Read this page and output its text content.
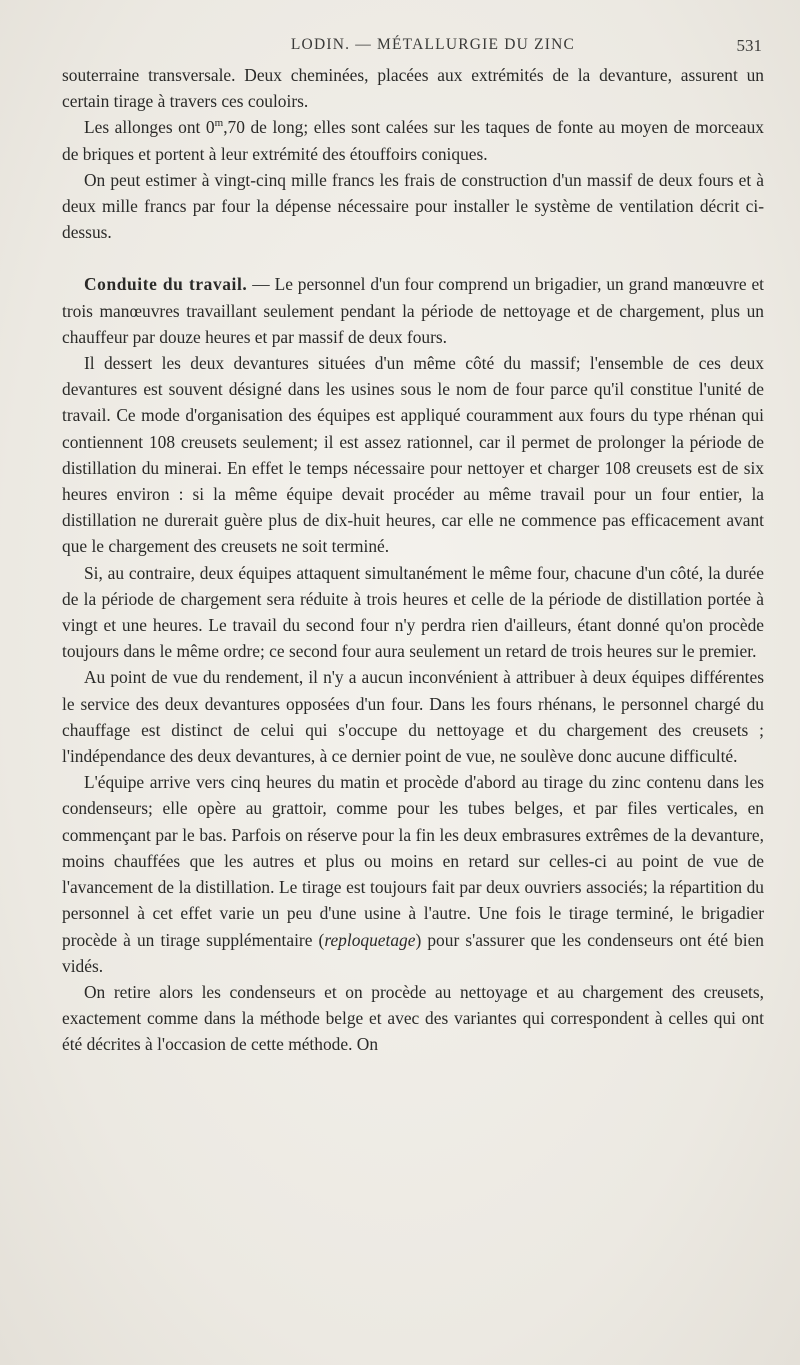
LODIN. — MÉTALLURGIE DU ZINC	531

souterraine transversale. Deux cheminées, placées aux extrémités de la devanture, assurent un certain tirage à travers ces couloirs.

Les allonges ont 0$^m$,70 de long; elles sont calées sur les taques de fonte au moyen de morceaux de briques et portent à leur extrémité des étouffoirs coniques.

On peut estimer à vingt-cinq mille francs les frais de construction d'un massif de deux fours et à deux mille francs par four la dépense nécessaire pour installer le système de ventilation décrit ci-dessus.

Conduite du travail. — Le personnel d'un four comprend un brigadier, un grand manœuvre et trois manœuvres travaillant seulement pendant la période de nettoyage et de chargement, plus un chauffeur par douze heures et par massif de deux fours.

Il dessert les deux devantures situées d'un même côté du massif; l'ensemble de ces deux devantures est souvent désigné dans les usines sous le nom de four parce qu'il constitue l'unité de travail. Ce mode d'organisation des équipes est appliqué couramment aux fours du type rhénan qui contiennent 108 creusets seulement; il est assez rationnel, car il permet de prolonger la période de distillation du minerai. En effet le temps nécessaire pour nettoyer et charger 108 creusets est de six heures environ : si la même équipe devait procéder au même travail pour un four entier, la distillation ne durerait guère plus de dix-huit heures, car elle ne commence pas efficacement avant que le chargement des creusets ne soit terminé.

Si, au contraire, deux équipes attaquent simultanément le même four, chacune d'un côté, la durée de la période de chargement sera réduite à trois heures et celle de la période de distillation portée à vingt et une heures. Le travail du second four n'y perdra rien d'ailleurs, étant donné qu'on procède toujours dans le même ordre; ce second four aura seulement un retard de trois heures sur le premier.

Au point de vue du rendement, il n'y a aucun inconvénient à attribuer à deux équipes différentes le service des deux devantures opposées d'un four. Dans les fours rhénans, le personnel chargé du chauffage est distinct de celui qui s'occupe du nettoyage et du chargement des creusets ; l'indépendance des deux devantures, à ce dernier point de vue, ne soulève donc aucune difficulté.

L'équipe arrive vers cinq heures du matin et procède d'abord au tirage du zinc contenu dans les condenseurs; elle opère au grattoir, comme pour les tubes belges, et par files verticales, en commençant par le bas. Parfois on réserve pour la fin les deux embrasures extrêmes de la devanture, moins chauffées que les autres et plus ou moins en retard sur celles-ci au point de vue de l'avancement de la distillation. Le tirage est toujours fait par deux ouvriers associés; la répartition du personnel à cet effet varie un peu d'une usine à l'autre. Une fois le tirage terminé, le brigadier procède à un tirage supplémentaire (reploquetage) pour s'assurer que les condenseurs ont été bien vidés.

On retire alors les condenseurs et on procède au nettoyage et au chargement des creusets, exactement comme dans la méthode belge et avec des variantes qui correspondent à celles qui ont été décrites à l'occasion de cette méthode. On
